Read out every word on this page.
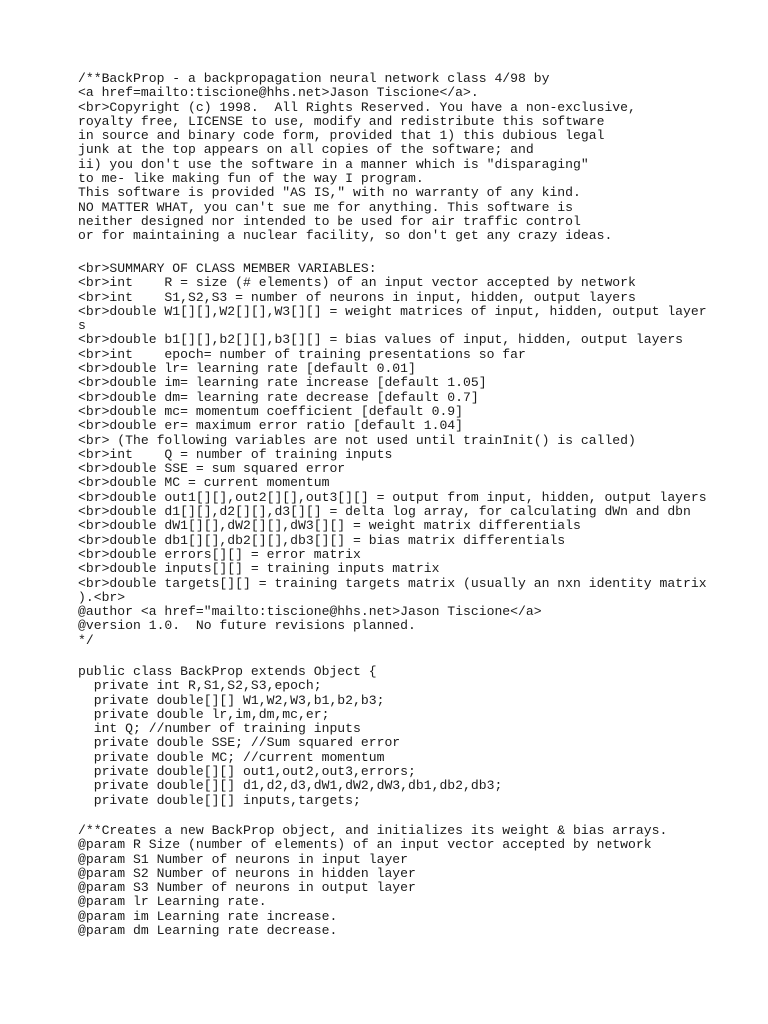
/**BackProp - a backpropagation neural network class 4/98 by
<a href=mailto:tiscione@hhs.net>Jason Tiscione</a>.
<br>Copyright (c) 1998.  All Rights Reserved. You have a non-exclusive,
royalty free, LICENSE to use, modify and redistribute this software
in source and binary code form, provided that 1) this dubious legal
junk at the top appears on all copies of the software; and
ii) you don't use the software in a manner which is "disparaging"
to me- like making fun of the way I program.
This software is provided "AS IS," with no warranty of any kind.
NO MATTER WHAT, you can't sue me for anything. This software is
neither designed nor intended to be used for air traffic control
or for maintaining a nuclear facility, so don't get any crazy ideas.
<br>SUMMARY OF CLASS MEMBER VARIABLES:
<br>int    R = size (# elements) of an input vector accepted by network
<br>int    S1,S2,S3 = number of neurons in input, hidden, output layers
<br>double W1[][],W2[][],W3[][] = weight matrices of input, hidden, output layer
s
<br>double b1[][],b2[][],b3[][] = bias values of input, hidden, output layers
<br>int    epoch= number of training presentations so far
<br>double lr= learning rate [default 0.01]
<br>double im= learning rate increase [default 1.05]
<br>double dm= learning rate decrease [default 0.7]
<br>double mc= momentum coefficient [default 0.9]
<br>double er= maximum error ratio [default 1.04]
<br> (The following variables are not used until trainInit() is called)
<br>int    Q = number of training inputs
<br>double SSE = sum squared error
<br>double MC = current momentum
<br>double out1[][],out2[][],out3[][] = output from input, hidden, output layers
<br>double d1[][],d2[][],d3[][] = delta log array, for calculating dWn and dbn
<br>double dW1[][],dW2[][],dW3[][] = weight matrix differentials
<br>double db1[][],db2[][],db3[][] = bias matrix differentials
<br>double errors[][] = error matrix
<br>double inputs[][] = training inputs matrix
<br>double targets[][] = training targets matrix (usually an nxn identity matrix
).<br>
@author <a href="mailto:tiscione@hhs.net>Jason Tiscione</a>
@version 1.0.  No future revisions planned.
*/
public class BackProp extends Object {
private int R,S1,S2,S3,epoch;
private double[][] W1,W2,W3,b1,b2,b3;
private double lr,im,dm,mc,er;
int Q; //number of training inputs
private double SSE; //Sum squared error
private double MC; //current momentum
private double[][] out1,out2,out3,errors;
private double[][] d1,d2,d3,dW1,dW2,dW3,db1,db2,db3;
private double[][] inputs,targets;
/**Creates a new BackProp object, and initializes its weight & bias arrays.
@param R Size (number of elements) of an input vector accepted by network
@param S1 Number of neurons in input layer
@param S2 Number of neurons in hidden layer
@param S3 Number of neurons in output layer
@param lr Learning rate.
@param im Learning rate increase.
@param dm Learning rate decrease.
